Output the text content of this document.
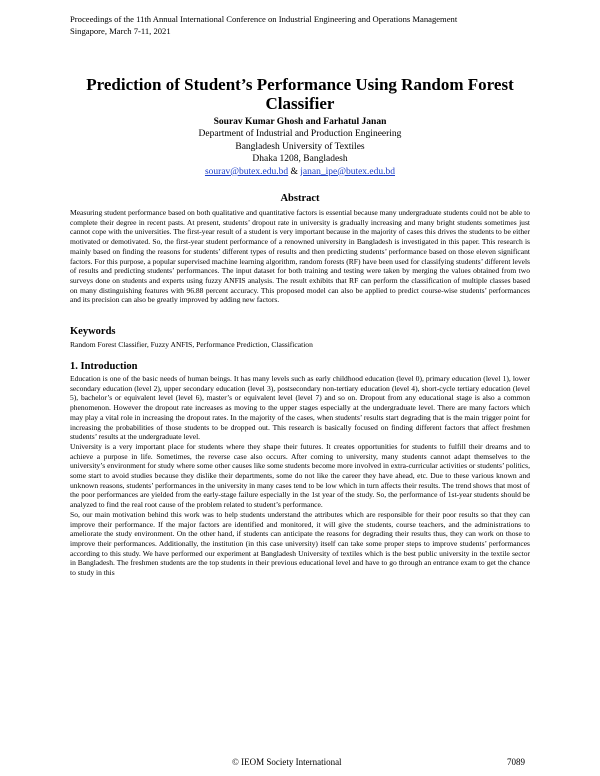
Proceedings of the 11th Annual International Conference on Industrial Engineering and Operations Management
Singapore, March 7-11, 2021
Prediction of Student’s Performance Using Random Forest Classifier
Sourav Kumar Ghosh and Farhatul Janan
Department of Industrial and Production Engineering
Bangladesh University of Textiles
Dhaka 1208, Bangladesh
sourav@butex.edu.bd & janan_ipe@butex.edu.bd
Abstract
Measuring student performance based on both qualitative and quantitative factors is essential because many undergraduate students could not be able to complete their degree in recent pasts. At present, students’ dropout rate in university is gradually increasing and many bright students sometimes just cannot cope with the universities. The first-year result of a student is very important because in the majority of cases this drives the students to be either motivated or demotivated. So, the first-year student performance of a renowned university in Bangladesh is investigated in this paper. This research is mainly based on finding the reasons for students’ different types of results and then predicting students’ performance based on those eleven significant factors. For this purpose, a popular supervised machine learning algorithm, random forests (RF) have been used for classifying students’ different levels of results and predicting students’ performances. The input dataset for both training and testing were taken by merging the values obtained from two surveys done on students and experts using fuzzy ANFIS analysis. The result exhibits that RF can perform the classification of multiple classes based on many distinguishing features with 96.88 percent accuracy. This proposed model can also be applied to predict course-wise students’ performances and its precision can also be greatly improved by adding new factors.
Keywords
Random Forest Classifier, Fuzzy ANFIS, Performance Prediction, Classification
1. Introduction

Education is one of the basic needs of human beings. It has many levels such as early childhood education (level 0), primary education (level 1), lower secondary education (level 2), upper secondary education (level 3), postsecondary non-tertiary education (level 4), short-cycle tertiary education (level 5), bachelor’s or equivalent level (level 6), master’s or equivalent level (level 7) and so on. Dropout from any educational stage is also a common phenomenon. However the dropout rate increases as moving to the upper stages especially at the undergraduate level. There are many factors which may play a vital role in increasing the dropout rates. In the majority of the cases, when students’ results start degrading that is the main trigger point for increasing the probabilities of those students to be dropped out. This research is basically focused on finding different factors that affect freshmen students’ results at the undergraduate level.

University is a very important place for students where they shape their futures. It creates opportunities for students to fulfill their dreams and to achieve a purpose in life. Sometimes, the reverse case also occurs. After coming to university, many students cannot adapt themselves to the university’s environment for study where some other causes like some students become more involved in extra-curricular activities or students’ politics, some start to avoid studies because they dislike their departments, some do not like the career they have ahead, etc. Due to these various known and unknown reasons, students’ performances in the university in many cases tend to be low which in turn affects their results. The trend shows that most of the poor performances are yielded from the early-stage failure especially in the 1st year of the study. So, the performance of 1st-year students should be analyzed to find the real root cause of the problem related to student’s performance.

So, our main motivation behind this work was to help students understand the attributes which are responsible for their poor results so that they can improve their performance. If the major factors are identified and monitored, it will give the students, course teachers, and the administrations to ameliorate the study environment. On the other hand, if students can anticipate the reasons for degrading their results thus, they can work on those to improve their performances. Additionally, the institution (in this case university) itself can take some proper steps to improve students’ performances according to this study. We have performed our experiment at Bangladesh University of textiles which is the best public university in the textile sector in Bangladesh. The freshmen students are the top students in their previous educational level and have to go through an entrance exam to get the chance to study in this

© IEOM Society International	7089
